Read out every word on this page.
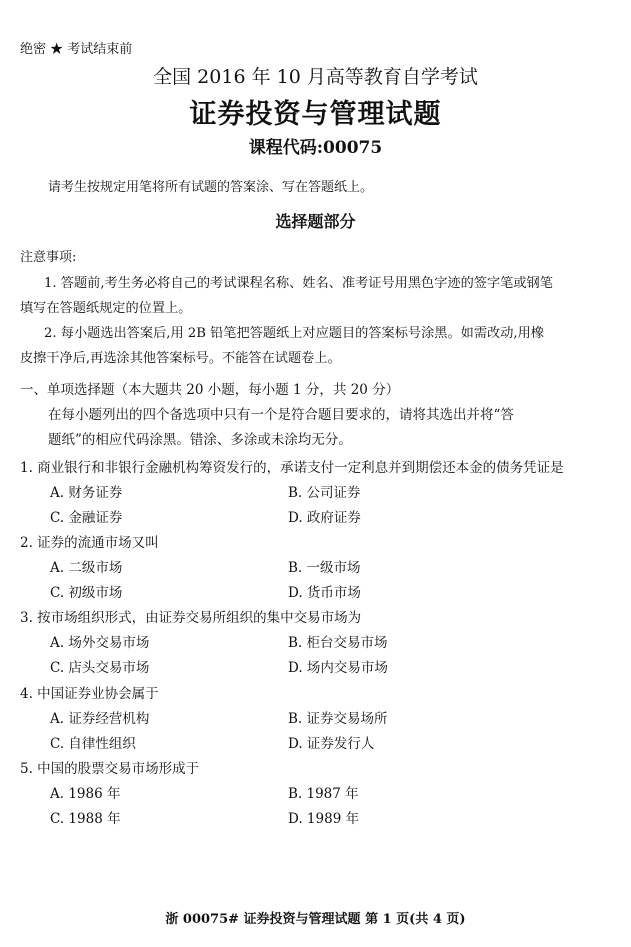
绝密 ★ 考试结束前
全国 2016 年 10 月高等教育自学考试
证券投资与管理试题
课程代码:00075
请考生按规定用笔将所有试题的答案涂、写在答题纸上。
选择题部分
注意事项:
1. 答题前,考生务必将自己的考试课程名称、姓名、准考证号用黑色字迹的签字笔或钢笔
填写在答题纸规定的位置上。
2. 每小题选出答案后,用 2B 铅笔把答题纸上对应题目的答案标号涂黑。如需改动,用橡
皮擦干净后,再选涂其他答案标号。不能答在试题卷上。
一、单项选择题（本大题共 20 小题，每小题 1 分，共 20 分）
在每小题列出的四个备选项中只有一个是符合题目要求的，请将其选出并将“答
题纸”的相应代码涂黑。错涂、多涂或未涂均无分。
1. 商业银行和非银行金融机构筹资发行的，承诺支付一定利息并到期偿还本金的债务凭证是
A. 财务证券	B. 公司证券
C. 金融证券	D. 政府证券
2. 证券的流通市场又叫
A. 二级市场	B. 一级市场
C. 初级市场	D. 货币市场
3. 按市场组织形式，由证券交易所组织的集中交易市场为
A. 场外交易市场	B. 柜台交易市场
C. 店头交易市场	D. 场内交易市场
4. 中国证券业协会属于
A. 证券经营机构	B. 证券交易场所
C. 自律性组织	D. 证券发行人
5. 中国的股票交易市场形成于
A. 1986 年	B. 1987 年
C. 1988 年	D. 1989 年
浙 00075# 证券投资与管理试题 第 1 页(共 4 页)
